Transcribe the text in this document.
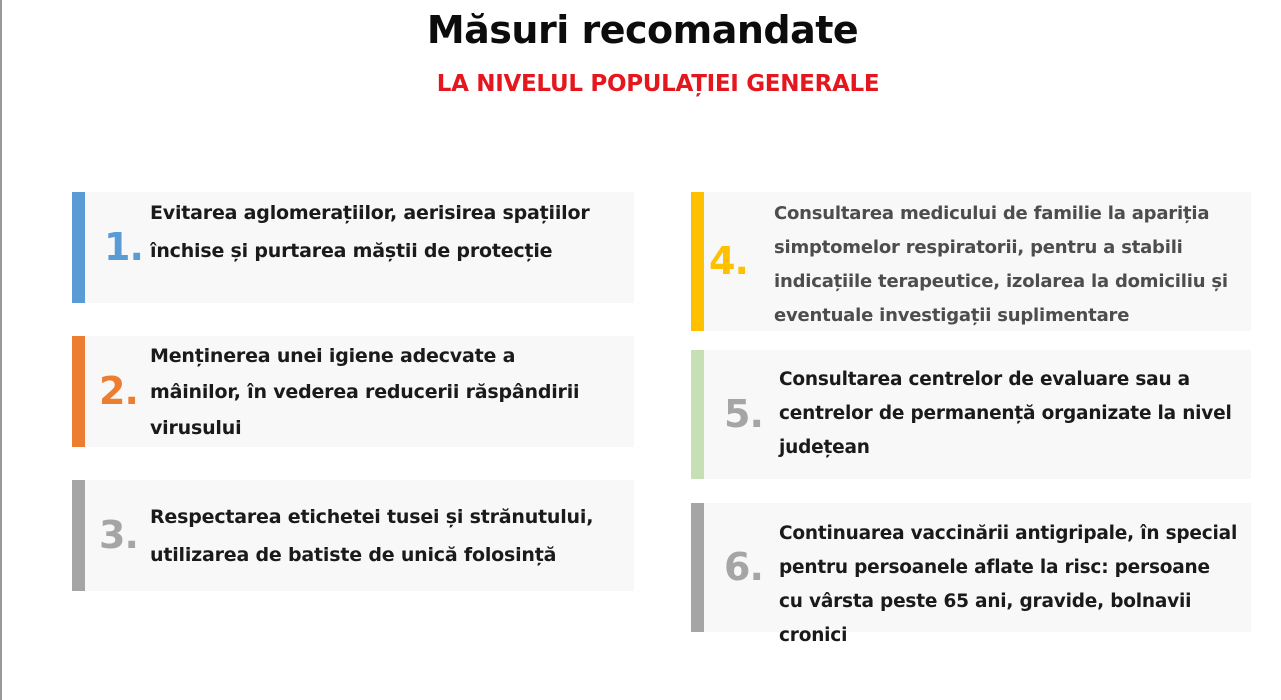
Măsuri recomandate
LA NIVELUL POPULAȚIEI GENERALE
1.
Evitarea aglomerațiilor, aerisirea spațiilor închise și purtarea măștii de protecție
2.
Menținerea unei igiene adecvate a mâinilor, în vederea reducerii răspândirii virusului
3. Respectarea etichetei tusei și strănutului, utilizarea de batiste de unică folosință
4.
Consultarea medicului de familie la apariția simptomelor respiratorii, pentru a stabili indicațiile terapeutice, izolarea la domiciliu și eventuale investigații suplimentare
5.
Consultarea centrelor de evaluare sau a centrelor de permanență organizate la nivel județean
6.
Continuarea vaccinării antigripale, în special pentru persoanele aflate la risc: persoane cu vârsta peste 65 ani, gravide, bolnavii cronici
